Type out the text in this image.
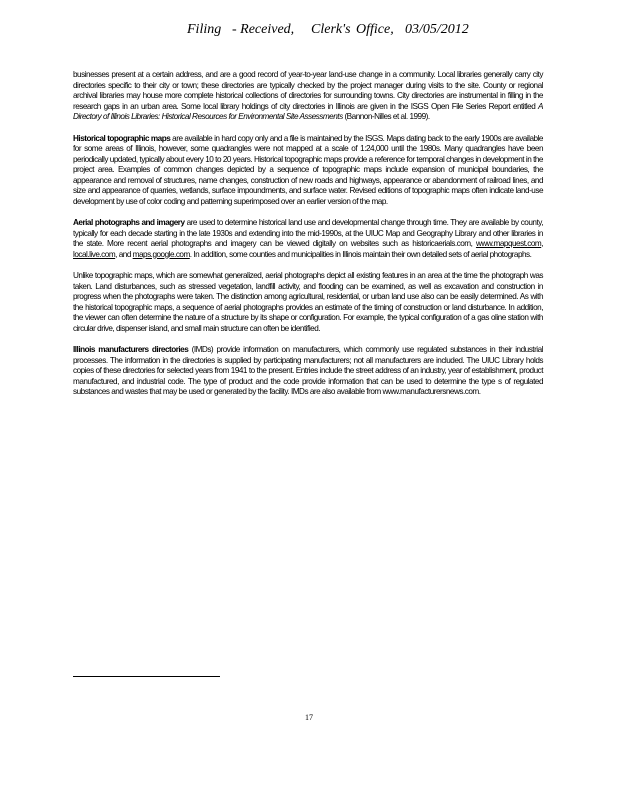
Filing - Received, Clerk's Office, 03/05/2012

businesses present at a certain address, and are a good record of year-to-year land-use change in a community. Local libraries generally carry city directories specific to their city or town; these directories are typically checked by the project manager during visits to the site. County or regional archival libraries may house more complete historical collections of directories for surrounding towns. City directories are instrumental in filling in the research gaps in an urban area. Some local library holdings of city directories in Illinois are given in the ISGS Open File Series Report entitled A Directory of Illinois Libraries: Historical Resources for Environmental Site Assessments (Bannon-Nilles et al. 1999).

Historical topographic maps are available in hard copy only and a file is maintained by the ISGS. Maps dating back to the early 1900s are available for some areas of Illinois, however, some quadrangles were not mapped at a scale of 1:24,000 until the 1980s. Many quadrangles have been periodically updated, typically about every 10 to 20 years. Historical topographic maps provide a reference for temporal changes in development in the project area. Examples of common changes depicted by a sequence of topographic maps include expansion of municipal boundaries, the appearance and removal of structures, name changes, construction of new roads and highways, appearance or abandonment of railroad lines, and size and appearance of quarries, wetlands, surface impoundments, and surface water. Revised editions of topographic maps often indicate land-use development by use of color coding and patterning superimposed over an earlier version of the map.

Aerial photographs and imagery are used to determine historical land use and developmental change through time. They are available by county, typically for each decade starting in the late 1930s and extending into the mid-1990s, at the UIUC Map and Geography Library and other libraries in the state. More recent aerial photographs and imagery can be viewed digitally on websites such as historicaerials.com, www.mapquest.com, local.live.com, and maps.google.com. In addition, some counties and municipalities in Illinois maintain their own detailed sets of aerial photographs.

Unlike topographic maps, which are somewhat generalized, aerial photographs depict all existing features in an area at the time the photograph was taken. Land disturbances, such as stressed vegetation, landfill activity, and flooding can be examined, as well as excavation and construction in progress when the photographs were taken. The distinction among agricultural, residential, or urban land use also can be easily determined. As with the historical topographic maps, a sequence of aerial photographs provides an estimate of the timing of construction or land disturbance. In addition, the viewer can often determine the nature of a structure by its shape or configuration. For example, the typical configuration of a gas oline station with circular drive, dispenser island, and small main structure can often be identified.

Illinois manufacturers directories (IMDs) provide information on manufacturers, which commonly use regulated substances in their industrial processes. The information in the directories is supplied by participating manufacturers; not all manufacturers are included. The UIUC Library holds copies of these directories for selected years from 1941 to the present. Entries include the street address of an industry, year of establishment, product manufactured, and industrial code. The type of product and the code provide information that can be used to determine the type s of regulated substances and wastes that may be used or generated by the facility. IMDs are also available from www.manufacturersnews.com.

17
